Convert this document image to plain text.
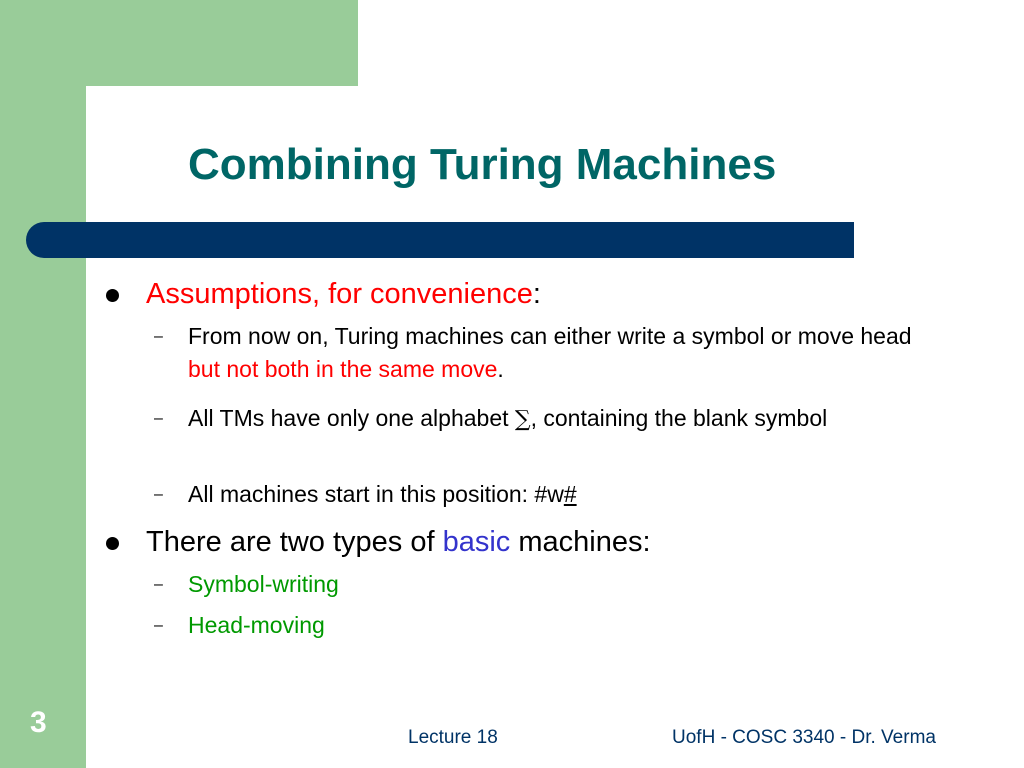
Combining Turing Machines

Assumptions, for convenience:

– From now on, Turing machines can either write a symbol or move head but not both in the same move.

– All TMs have only one alphabet ∑, containing the blank symbol

– All machines start in this position: #w#

There are two types of basic machines:

– Symbol-writing

– Head-moving

3	Lecture 18	UofH - COSC 3340 - Dr. Verma
